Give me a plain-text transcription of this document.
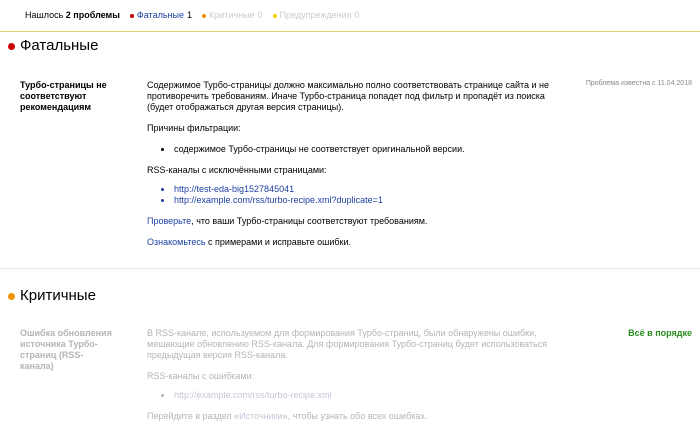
Нашлось 2 проблемы Фатальные 1 Критичные 0 Предупреждения 0
Фатальные
Турбо-страницы не соответствуют рекомендациям
Проблема известна с 11.04.2018

Содержимое Турбо-страницы должно максимально полно соответствовать странице сайта и не противоречить требованиям. Иначе Турбо-страница попадет под фильтр и пропадёт из поиска (будет отображаться другая версия страницы).

Причины фильтрации:

содержимое Турбо-страницы не соответствует оригинальной версии.

RSS-каналы с исключёнными страницами:

http://test-eda-big1527845041
http://example.com/rss/turbo-recipe.xml?duplicate=1

Проверьте, что ваши Турбо-страницы соответствуют требованиям.

Ознакомьтесь с примерами и исправьте ошибки.

Критичные
Ошибка обновления источника Турбо-страниц (RSS-канала)
Всё в порядке

В RSS-канале, используемом для формирования Турбо-страниц, были обнаружены ошибки, мешающие обновлению RSS-канала. Для формирования Турбо-страниц будет использоваться предыдущая версия RSS-канала.

RSS-каналы с ошибками:

http://example.com/rss/turbo-recipe.xml

Перейдите в раздел «Источники», чтобы узнать обо всех ошибках.
